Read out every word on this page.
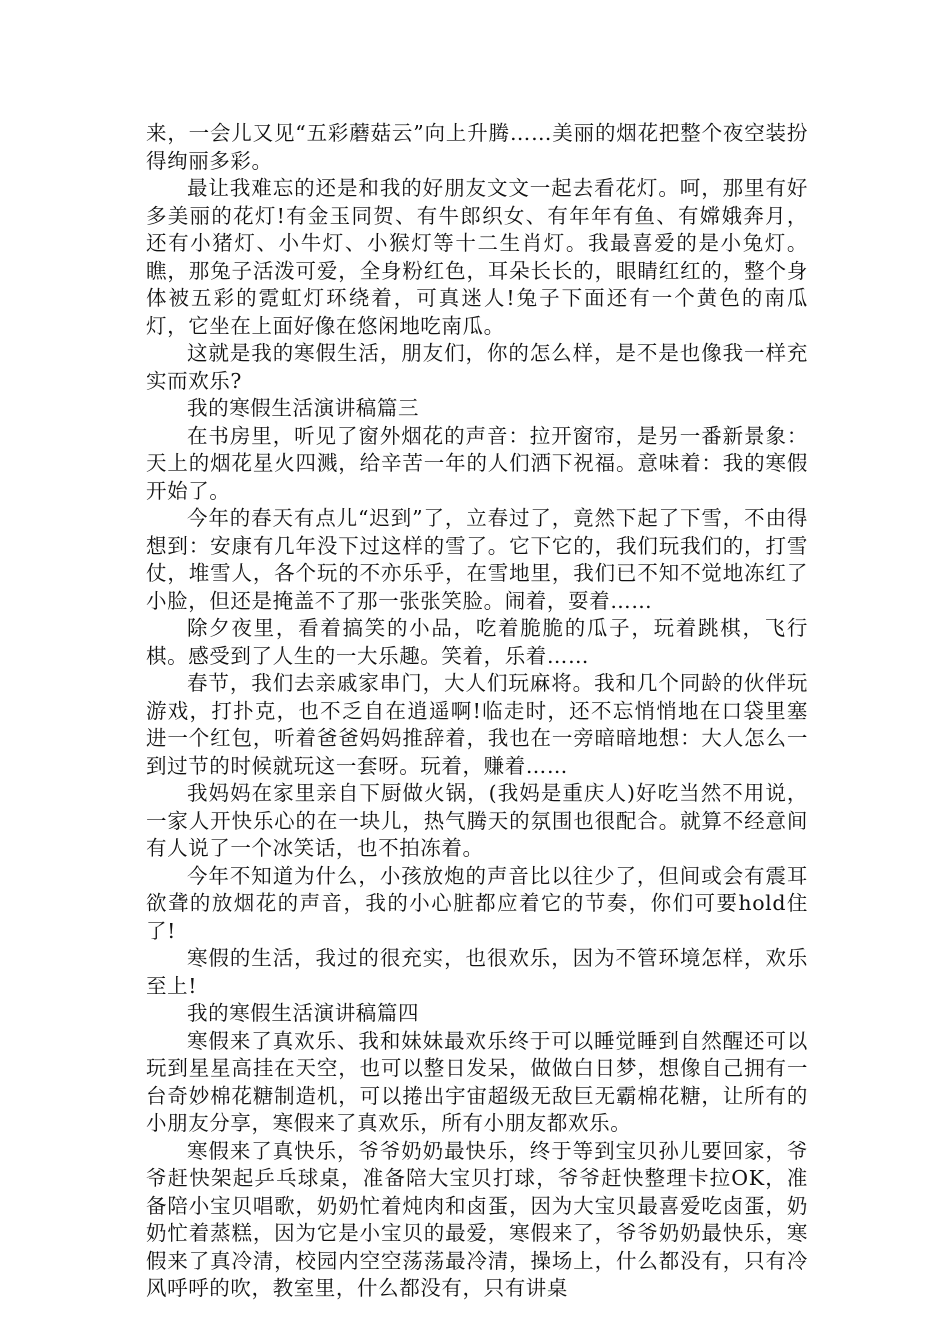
来，一会儿又见“五彩蘑菇云”向上升腾……美丽的烟花把整个夜空装扮得绚丽多彩。

最让我难忘的还是和我的好朋友文文一起去看花灯。呵，那里有好多美丽的花灯!有金玉同贺、有牛郎织女、有年年有鱼、有嫦娥奔月，还有小猪灯、小牛灯、小猴灯等十二生肖灯。我最喜爱的是小兔灯。瞧，那兔子活泼可爱，全身粉红色，耳朵长长的，眼睛红红的，整个身体被五彩的霓虹灯环绕着，可真迷人!兔子下面还有一个黄色的南瓜灯，它坐在上面好像在悠闲地吃南瓜。

这就是我的寒假生活，朋友们，你的怎么样，是不是也像我一样充实而欢乐?

我的寒假生活演讲稿篇三

在书房里，听见了窗外烟花的声音：拉开窗帘，是另一番新景象：天上的烟花星火四溅，给辛苦一年的人们洒下祝福。意味着：我的寒假开始了。

今年的春天有点儿“迟到”了，立春过了，竟然下起了下雪，不由得想到：安康有几年没下过这样的雪了。它下它的，我们玩我们的，打雪仗，堆雪人，各个玩的不亦乐乎，在雪地里，我们已不知不觉地冻红了小脸，但还是掩盖不了那一张张笑脸。闹着，耍着……

除夕夜里，看着搞笑的小品，吃着脆脆的瓜子，玩着跳棋，飞行棋。感受到了人生的一大乐趣。笑着，乐着……

春节，我们去亲戚家串门，大人们玩麻将。我和几个同龄的伙伴玩游戏，打扑克，也不乏自在逍遥啊!临走时，还不忘悄悄地在口袋里塞进一个红包，听着爸爸妈妈推辞着，我也在一旁暗暗地想：大人怎么一到过节的时候就玩这一套呀。玩着，赚着……

我妈妈在家里亲自下厨做火锅，(我妈是重庆人)好吃当然不用说，一家人开快乐心的在一块儿，热气腾天的氛围也很配合。就算不经意间有人说了一个冰笑话，也不拍冻着。

今年不知道为什么，小孩放炮的声音比以往少了，但间或会有震耳欲聋的放烟花的声音，我的小心脏都应着它的节奏，你们可要hold住了!

寒假的生活，我过的很充实，也很欢乐，因为不管环境怎样，欢乐至上!

我的寒假生活演讲稿篇四

寒假来了真欢乐、我和妹妹最欢乐终于可以睡觉睡到自然醒还可以玩到星星高挂在天空，也可以整日发呆，做做白日梦，想像自己拥有一台奇妙棉花糖制造机，可以捲出宇宙超级无敌巨无霸棉花糖，让所有的小朋友分享，寒假来了真欢乐，所有小朋友都欢乐。

寒假来了真快乐，爷爷奶奶最快乐，终于等到宝贝孙儿要回家，爷爷赶快架起乒乓球桌，准备陪大宝贝打球，爷爷赶快整理卡拉OK，准备陪小宝贝唱歌，奶奶忙着炖肉和卤蛋，因为大宝贝最喜爱吃卤蛋，奶奶忙着蒸糕，因为它是小宝贝的最爱，寒假来了，爷爷奶奶最快乐，寒假来了真冷清，校园内空空荡荡最冷清，操场上，什么都没有，只有冷风呼呼的吹，教室里，什么都没有，只有讲桌
